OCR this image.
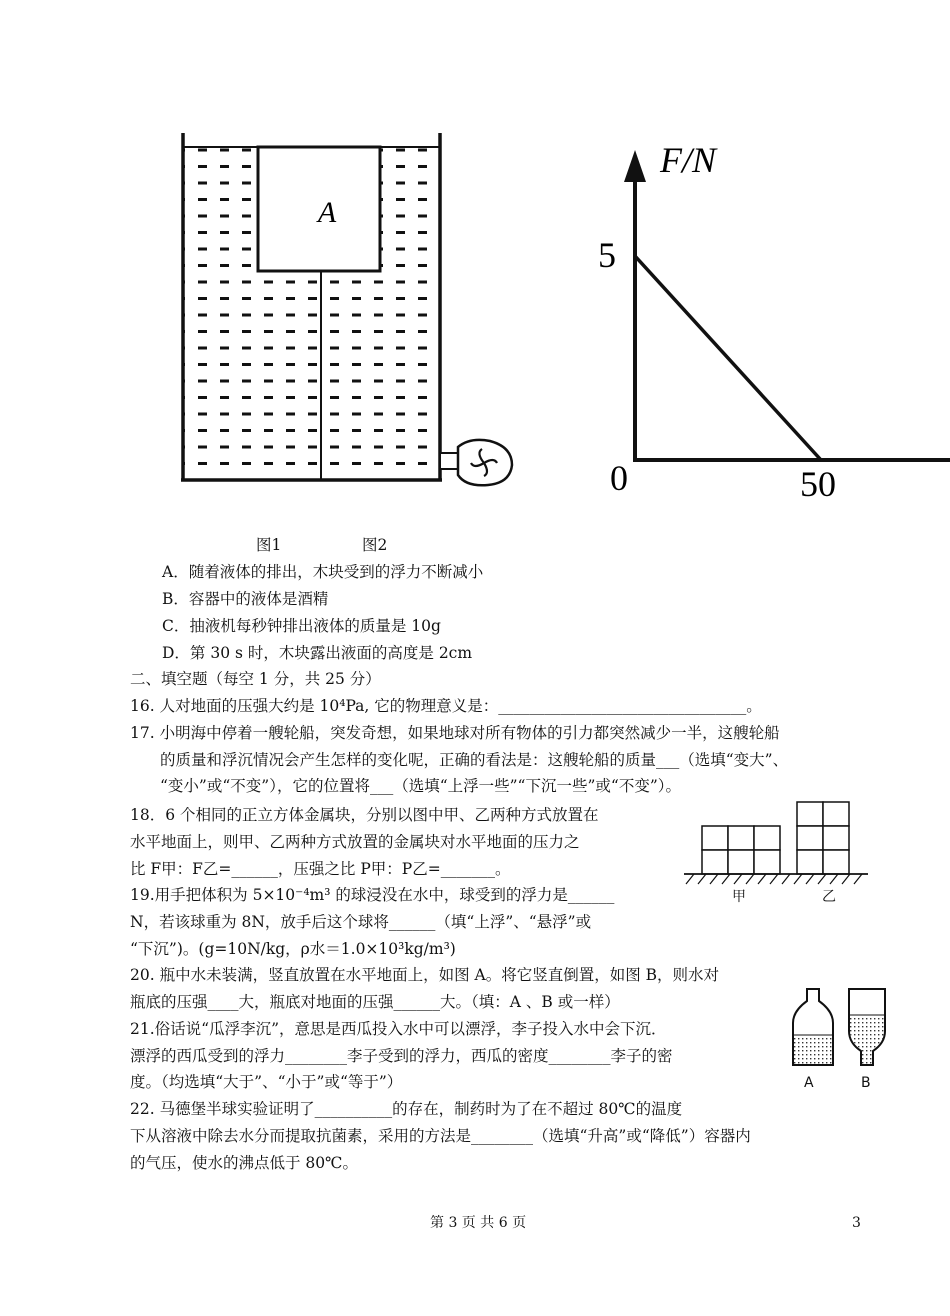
A
F/N
5
0	50
图1	图2
A．随着液体的排出，木块受到的浮力不断减小
B．容器中的液体是酒精
C．抽液机每秒钟排出液体的质量是 10g
D．第 30 s 时，木块露出液面的高度是 2cm
二、填空题（每空 1 分，共 25 分）
16. 人对地面的压强大约是 10⁴Pa, 它的物理意义是：________________________________。
17. 小明海中停着一艘轮船，突发奇想，如果地球对所有物体的引力都突然减少一半，这艘轮船
的质量和浮沉情况会产生怎样的变化呢，正确的看法是：这艘轮船的质量___（选填“变大”、
“变小”或“不变”），它的位置将___（选填“上浮一些”“下沉一些”或“不变”）。
18．6 个相同的正立方体金属块，分别以图中甲、乙两种方式放置在
水平地面上，则甲、乙两种方式放置的金属块对水平地面的压力之
比 F甲：F乙=______，压强之比 P甲：P乙=_______。
甲	乙
19.用手把体积为 5×10⁻⁴m³ 的球浸没在水中，球受到的浮力是______
N，若该球重为 8N，放手后这个球将______（填“上浮”、“悬浮”或
“下沉”)。(g=10N/kg，ρ水＝1.0×10³kg/m³)
20. 瓶中水未装满，竖直放置在水平地面上，如图 A。将它竖直倒置，如图 B，则水对
瓶底的压强____大，瓶底对地面的压强______大。（填：A 、B 或一样）
A	B
21.俗话说“瓜浮李沉”，意思是西瓜投入水中可以漂浮，李子投入水中会下沉．
漂浮的西瓜受到的浮力________李子受到的浮力，西瓜的密度________李子的密
度。（均选填“大于”、“小于”或“等于”）
22. 马德堡半球实验证明了__________的存在，制药时为了在不超过 80℃的温度
下从溶液中除去水分而提取抗菌素，采用的方法是________（选填“升高”或“降低”）容器内
的气压，使水的沸点低于 80℃。
第 3 页 共 6 页	3
